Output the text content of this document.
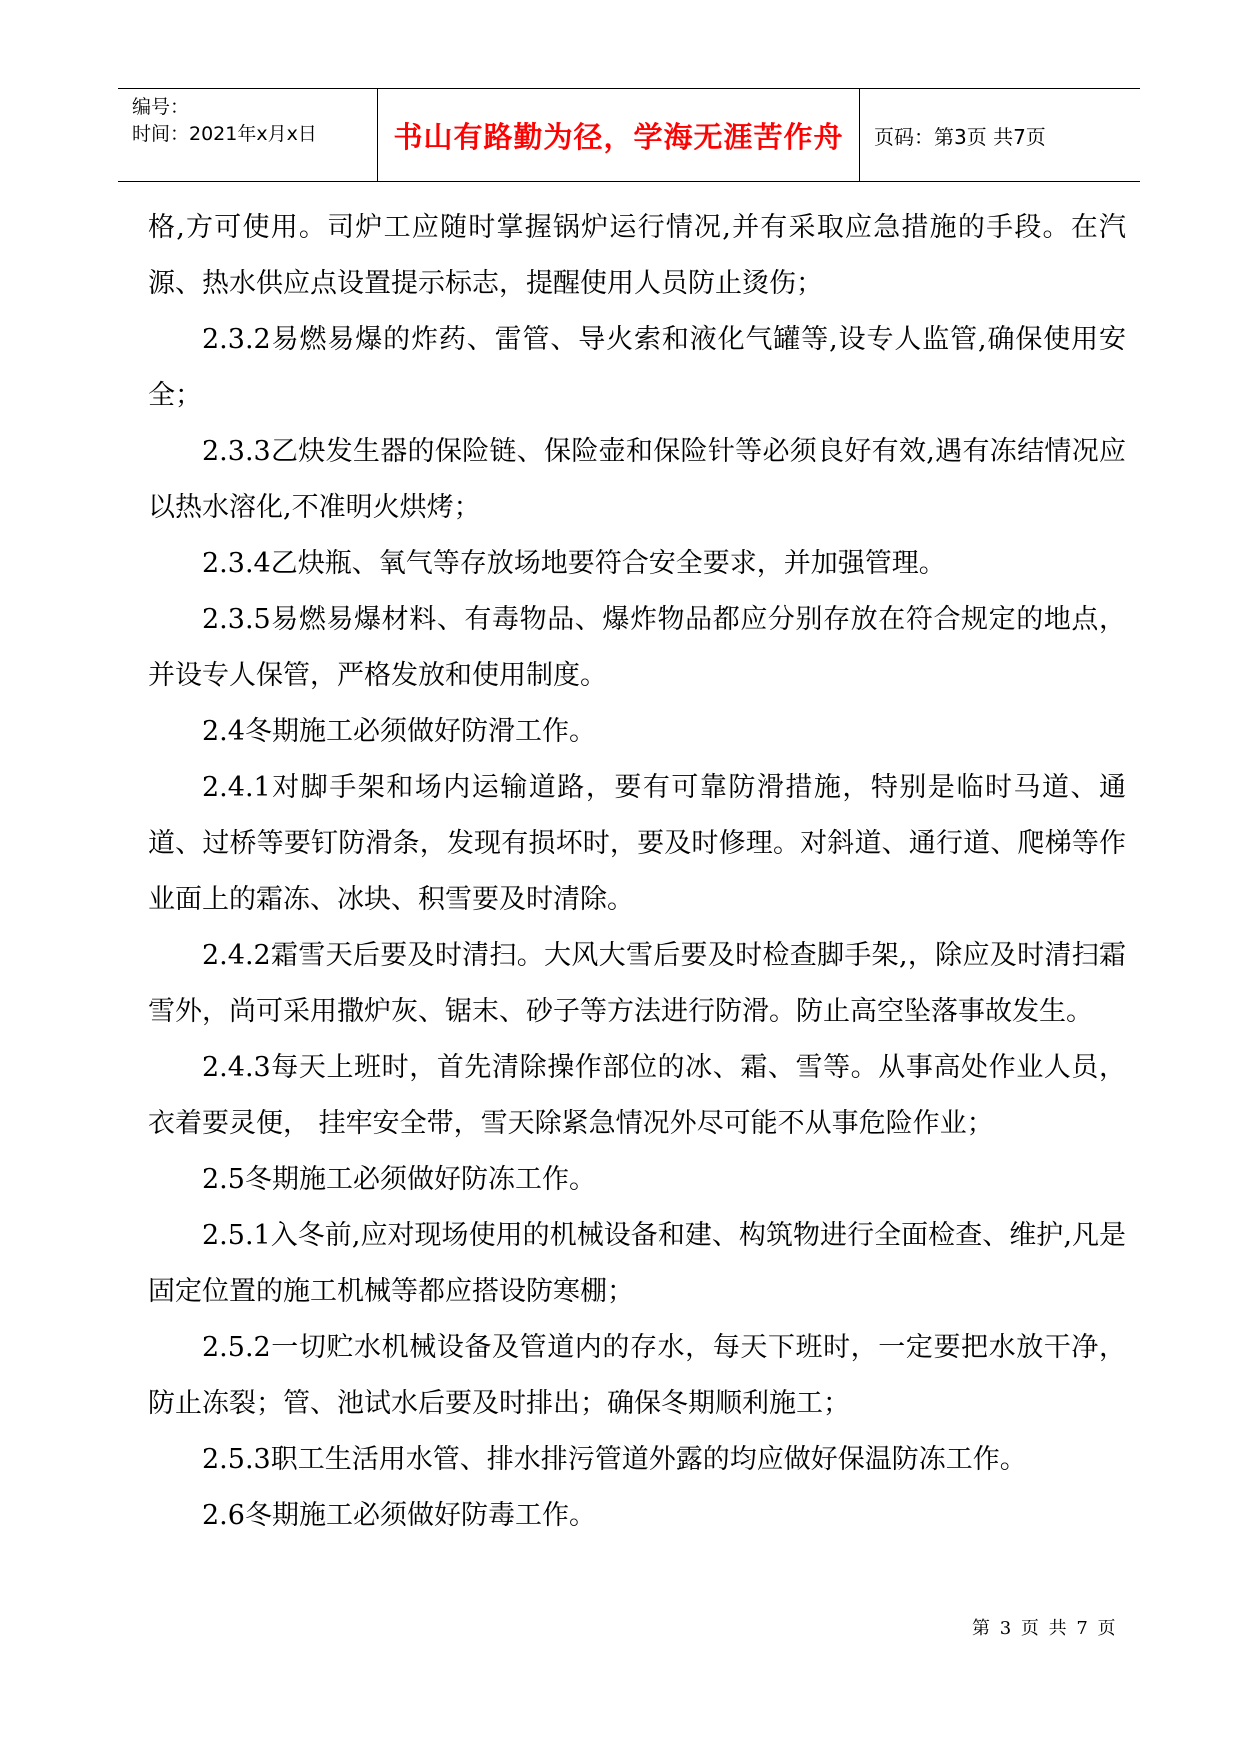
编号：
时间：2021年x月x日	书山有路勤为径，学海无涯苦作舟	页码：第3页 共7页

格,方可使用。司炉工应随时掌握锅炉运行情况,并有采取应急措施的手段。在汽源、热水供应点设置提示标志，提醒使用人员防止烫伤；

2.3.2易燃易爆的炸药、雷管、导火索和液化气罐等,设专人监管,确保使用安全；

2.3.3乙炔发生器的保险链、保险壶和保险针等必须良好有效,遇有冻结情况应以热水溶化,不准明火烘烤；

2.3.4乙炔瓶、氧气等存放场地要符合安全要求，并加强管理。

2.3.5易燃易爆材料、有毒物品、爆炸物品都应分别存放在符合规定的地点，并设专人保管，严格发放和使用制度。

2.4冬期施工必须做好防滑工作。

2.4.1对脚手架和场内运输道路，要有可靠防滑措施，特别是临时马道、通道、过桥等要钉防滑条，发现有损坏时，要及时修理。对斜道、通行道、爬梯等作业面上的霜冻、冰块、积雪要及时清除。

2.4.2霜雪天后要及时清扫。大风大雪后要及时检查脚手架,，除应及时清扫霜雪外，尚可采用撒炉灰、锯末、砂子等方法进行防滑。防止高空坠落事故发生。

2.4.3每天上班时，首先清除操作部位的冰、霜、雪等。从事高处作业人员，衣着要灵便， 挂牢安全带，雪天除紧急情况外尽可能不从事危险作业；

2.5冬期施工必须做好防冻工作。

2.5.1入冬前,应对现场使用的机械设备和建、构筑物进行全面检查、维护,凡是固定位置的施工机械等都应搭设防寒棚；

2.5.2一切贮水机械设备及管道内的存水，每天下班时，一定要把水放干净，防止冻裂；管、池试水后要及时排出；确保冬期顺利施工；

2.5.3职工生活用水管、排水排污管道外露的均应做好保温防冻工作。

2.6冬期施工必须做好防毒工作。

第 3 页 共 7 页
